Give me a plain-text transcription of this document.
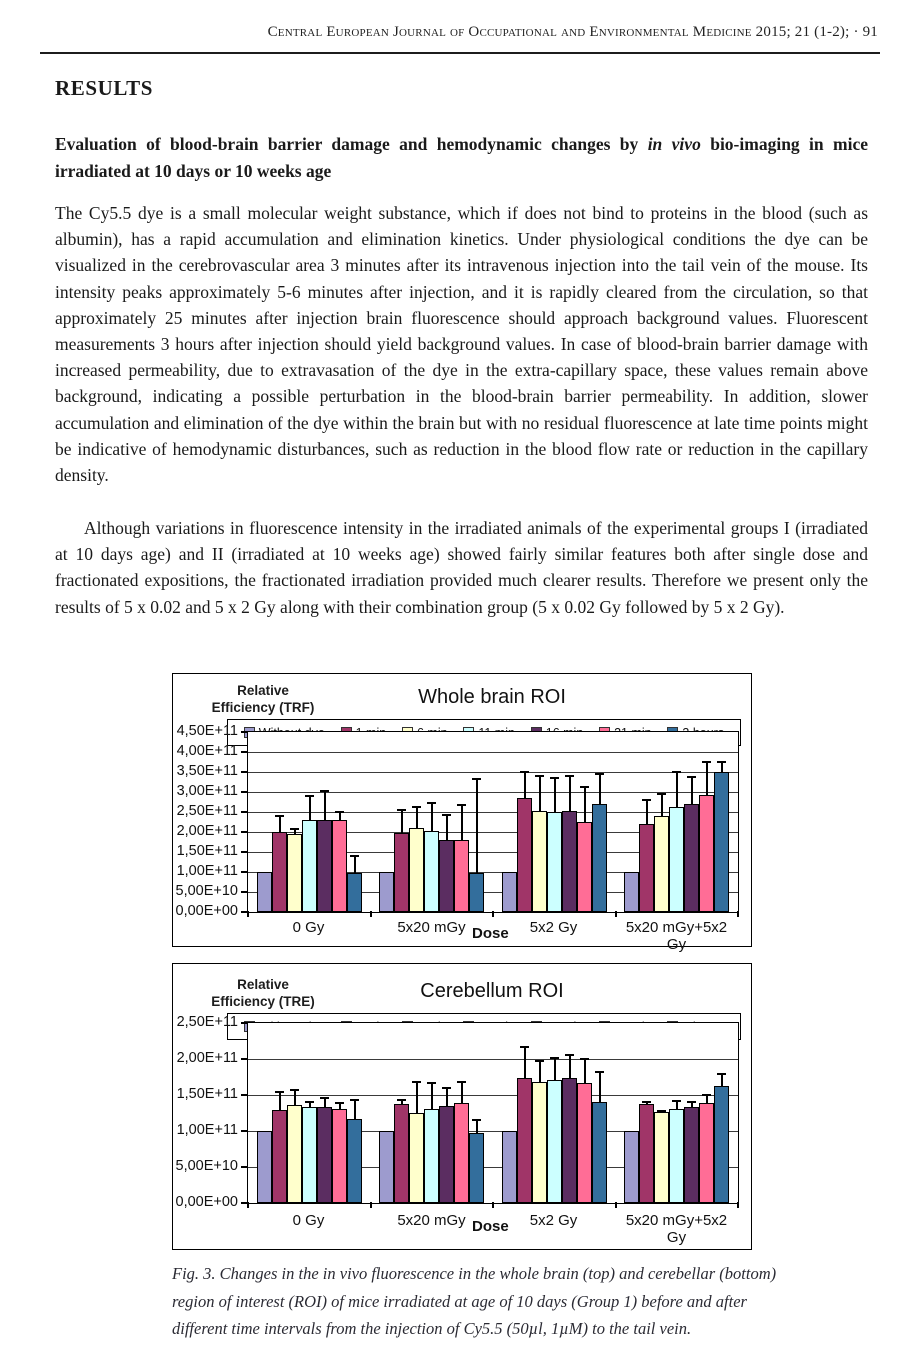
Central European Journal of Occupational and Environmental Medicine 2015; 21 (1-2); · 91
RESULTS
Evaluation of blood-brain barrier damage and hemodynamic changes by in vivo bio-imaging in mice irradiated at 10 days or 10 weeks age
The Cy5.5 dye is a small molecular weight substance, which if does not bind to proteins in the blood (such as albumin), has a rapid accumulation and elimination kinetics. Under physiological conditions the dye can be visualized in the cerebrovascular area 3 minutes after its intravenous injection into the tail vein of the mouse. Its intensity peaks approximately 5-6 minutes after injection, and it is rapidly cleared from the circulation, so that approximately 25 minutes after injection brain fluorescence should approach background values. Fluorescent measurements 3 hours after injection should yield background values. In case of blood-brain barrier damage with increased permeability, due to extravasation of the dye in the extra-capillary space, these values remain above background, indicating a possible perturbation in the blood-brain barrier permeability. In addition, slower accumulation and elimination of the dye within the brain but with no residual fluorescence at late time points might be indicative of hemodynamic disturbances, such as reduction in the blood flow rate or reduction in the capillary density.
Although variations in fluorescence intensity in the irradiated animals of the experimental groups I (irradiated at 10 days age) and II (irradiated at 10 weeks age) showed fairly similar features both after single dose and fractionated expositions, the fractionated irradiation provided much clearer results. Therefore we present only the results of 5 x 0.02 and 5 x 2 Gy along with their combination group (5 x 0.02 Gy followed by 5 x 2 Gy).
Relative
Efficiency (TRF)	Whole brain ROI
4,50E+11
4,00E+11
3,50E+11
3,00E+11
2,50E+11
2,00E+11
1,50E+11
1,00E+11
5,00E+10
0,00E+00
0 Gy	5x20 mGy	5x2 Gy	5x20 mGy+5x2 Gy
Dose
Relative
Efficiency (TRE)	Cerebellum ROI
2,50E+11
2,00E+11
1,50E+11
1,00E+11
5,00E+10
0,00E+00
0 Gy	5x20 mGy	5x2 Gy	5x20 mGy+5x2 Gy
Dose
Fig. 3. Changes in the in vivo fluorescence in the whole brain (top) and cerebellar (bottom) region of interest (ROI) of mice irradiated at age of 10 days (Group 1) before and after different time intervals from the injection of Cy5.5 (50µl, 1µM) to the tail vein.
